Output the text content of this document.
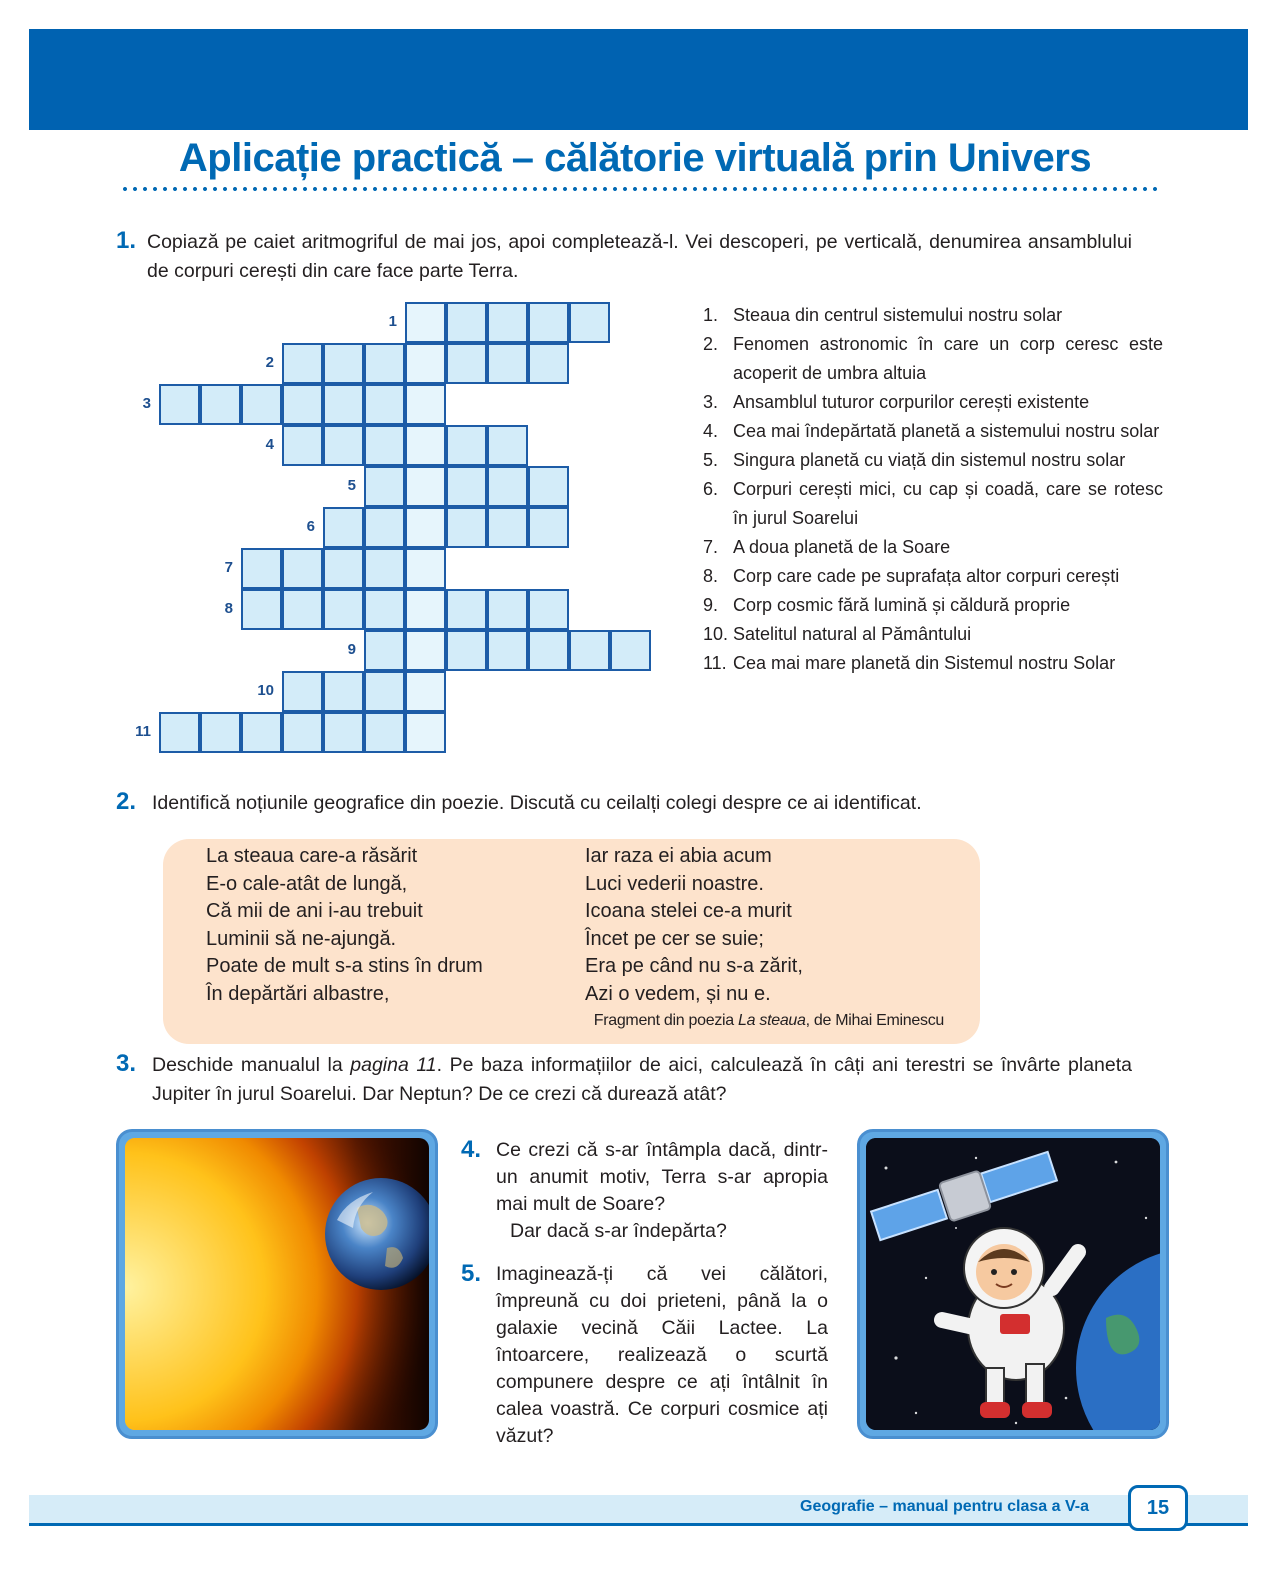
Aplicație practică – călătorie virtuală prin Univers
1. Copiază pe caiet aritmogriful de mai jos, apoi completează-l. Vei descoperi, pe verticală, denumirea ansamblului de corpuri cerești din care face parte Terra.
1
2
3
4
5
6
7
8
9
10
11
1. Steaua din centrul sistemului nostru solar
2. Fenomen astronomic în care un corp ceresc este acoperit de umbra altuia
3. Ansamblul tuturor corpurilor cerești existente
4. Cea mai îndepărtată planetă a sistemului nostru solar
5. Singura planetă cu viață din sistemul nostru solar
6. Corpuri cerești mici, cu cap și coadă, care se rotesc în jurul Soarelui
7. A doua planetă de la Soare
8. Corp care cade pe suprafața altor corpuri cerești
9. Corp cosmic fără lumină și căldură proprie
10. Satelitul natural al Pământului
11. Cea mai mare planetă din Sistemul nostru Solar
2. Identifică noțiunile geografice din poezie. Discută cu ceilalți colegi despre ce ai identificat.
La steaua care-a răsărit
E-o cale-atât de lungă,
Că mii de ani i-au trebuit
Luminii să ne-ajungă.
Poate de mult s-a stins în drum
În depărtări albastre,
Iar raza ei abia acum
Luci vederii noastre.
Icoana stelei ce-a murit
Încet pe cer se suie;
Era pe când nu s-a zărit,
Azi o vedem, și nu e.
Fragment din poezia La steaua, de Mihai Eminescu
3. Deschide manualul la pagina 11. Pe baza informațiilor de aici, calculează în câți ani terestri se învârte planeta Jupiter în jurul Soarelui. Dar Neptun? De ce crezi că durează atât?
4. Ce crezi că s-ar întâmpla dacă, dintr-un anumit motiv, Terra s-ar apropia mai mult de Soare?
Dar dacă s-ar îndepărta?
5. Imaginează-ți că vei călători, împreună cu doi prieteni, până la o galaxie vecină Căii Lactee. La întoarcere, realizează o scurtă compunere despre ce ați întâlnit în calea voastră. Ce corpuri cosmice ați văzut?
Geografie – manual pentru clasa a V-a	15
